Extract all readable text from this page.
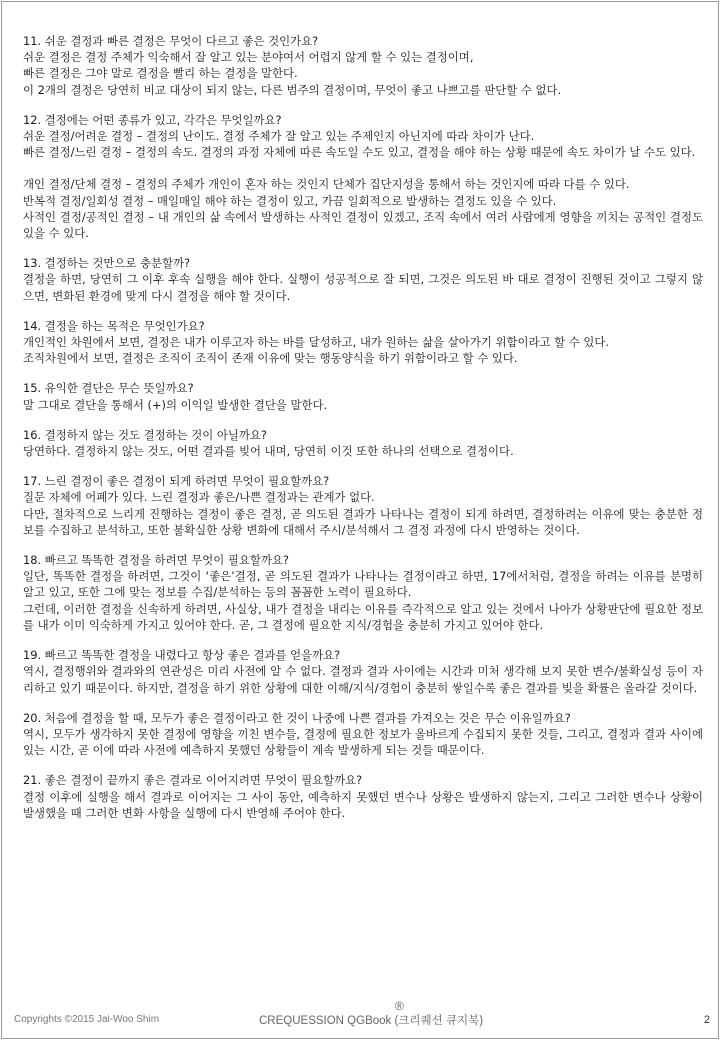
11. 쉬운 결정과 빠른 결정은 무엇이 다르고 좋은 것인가요?

쉬운 결정은 결정 주체가 익숙해서 잘 알고 있는 분야여서 어렵지 않게 할 수 있는 결정이며,

빠른 결정은 그야 말로 결정을 빨리 하는 결정을 말한다.

이 2개의 결정은 당연히 비교 대상이 되지 않는, 다른 범주의 결정이며, 무엇이 좋고 나쁘고를 판단할 수 없다.

12. 결정에는 어떤 종류가 있고, 각각은 무엇일까요?

쉬운 결정/어려운 결정 – 결정의 난이도. 결정 주체가 잘 알고 있는 주제인지 아닌지에 따라 차이가 난다.

빠른 결정/느린 결정 – 결정의 속도. 결정의 과정 자체에 따른 속도일 수도 있고, 결정을 해야 하는 상황 때문에 속도 차이가 날 수도 있다.

개인 결정/단체 결정 – 결정의 주체가 개인이 혼자 하는 것인지 단체가 집단지성을 통해서 하는 것인지에 따라 다를 수 있다.

반복적 결정/일회성 결정 – 매일매일 해야 하는 결정이 있고, 가끔 일회적으로 발생하는 결정도 있을 수 있다.

사적인 결정/공적인 결정 – 내 개인의 삶 속에서 발생하는 사적인 결정이 있겠고, 조직 속에서 여러 사람에게 영향을 끼치는 공적인 결정도 있을 수 있다.

13. 결정하는 것만으로 충분할까?

결정을 하면, 당연히 그 이후 후속 실행을 해야 한다. 실행이 성공적으로 잘 되면, 그것은 의도된 바 대로 결정이 진행된 것이고 그렇지 않으면, 변화된 환경에 맞게 다시 결정을 해야 할 것이다.

14. 결정을 하는 목적은 무엇인가요?

개인적인 차원에서 보면, 결정은 내가 이루고자 하는 바를 달성하고, 내가 원하는 삶을 살아가기 위함이라고 할 수 있다.

조직차원에서 보면, 결정은 조직이 조직이 존재 이유에 맞는 행동양식을 하기 위함이라고 할 수 있다.

15. 유익한 결단은 무슨 뜻일까요?

말 그대로 결단을 통해서 (+)의 이익일 발생한 결단을 말한다.

16. 결정하지 않는 것도 결정하는 것이 아닐까요?

당연하다. 결정하지 않는 것도, 어떤 결과를 빚어 내며, 당연히 이것 또한 하나의 선택으로 결정이다.

17. 느린 결정이 좋은 결정이 되게 하려면 무엇이 필요할까요?

질문 자체에 어폐가 있다. 느린 결정과 좋은/나쁜 결정과는 관계가 없다.

다만, 절차적으로 느리게 진행하는 결정이 좋은 결정, 곧 의도된 결과가 나타나는 결정이 되게 하려면, 결정하려는 이유에 맞는 충분한 정보를 수집하고 분석하고, 또한 불확실한 상황 변화에 대해서 주시/분석해서 그 결정 과정에 다시 반영하는 것이다.

18. 빠르고 똑똑한 결정을 하려면 무엇이 필요할까요?

일단, 똑똑한 결정을 하려면, 그것이 ‘좋은’결정, 곧 의도된 결과가 나타나는 결정이라고 하면, 17에서처럼, 결정을 하려는 이유를 분명히 알고 있고, 또한 그에 맞는 정보를 수집/분석하는 등의 꼼꼼한 노력이 필요하다.

그런데, 이러한 결정을 신속하게 하려면, 사실상, 내가 결정을 내리는 이유를 즉각적으로 알고 있는 것에서 나아가 상황판단에 필요한 정보를 내가 이미 익숙하게 가지고 있어야 한다. 곧, 그 결정에 필요한 지식/경험을 충분히 가지고 있어야 한다.

19. 빠르고 똑똑한 결정을 내렸다고 항상 좋은 결과를 얻을까요?

역시, 결정행위와 결과와의 연관성은 미리 사전에 알 수 없다. 결정과 결과 사이에는 시간과 미처 생각해 보지 못한 변수/불확실성 등이 자리하고 있기 때문이다. 하지만, 결정을 하기 위한 상황에 대한 이해/지식/경험이 충분히 쌓일수록 좋은 결과를 빚을 확률은 올라갈 것이다.

20. 처음에 결정을 할 때, 모두가 좋은 결정이라고 한 것이 나중에 나쁜 결과를 가져오는 것은 무슨 이유일까요?

역시, 모두가 생각하지 못한 결정에 영향을 끼친 변수들, 결정에 필요한 정보가 올바르게 수집되지 못한 것들, 그리고, 결정과 결과 사이에 있는 시간, 곧 이에 따라 사전에 예측하지 못했던 상황들이 계속 발생하게 되는 것들 때문이다.

21. 좋은 결정이 끝까지 좋은 결과로 이어지려면 무엇이 필요할까요?

결정 이후에 실행을 해서 결과로 이어지는 그 사이 동안, 예측하지 못했던 변수나 상황은 발생하지 않는지, 그리고 그러한 변수나 상황이 발생했을 때 그러한 변화 사항을 실행에 다시 반영해 주어야 한다.

Copyrights ©2015 Jai-Woo Shim	CREQUESSION QGBook (크리퀘션 큐지북)
®
2
